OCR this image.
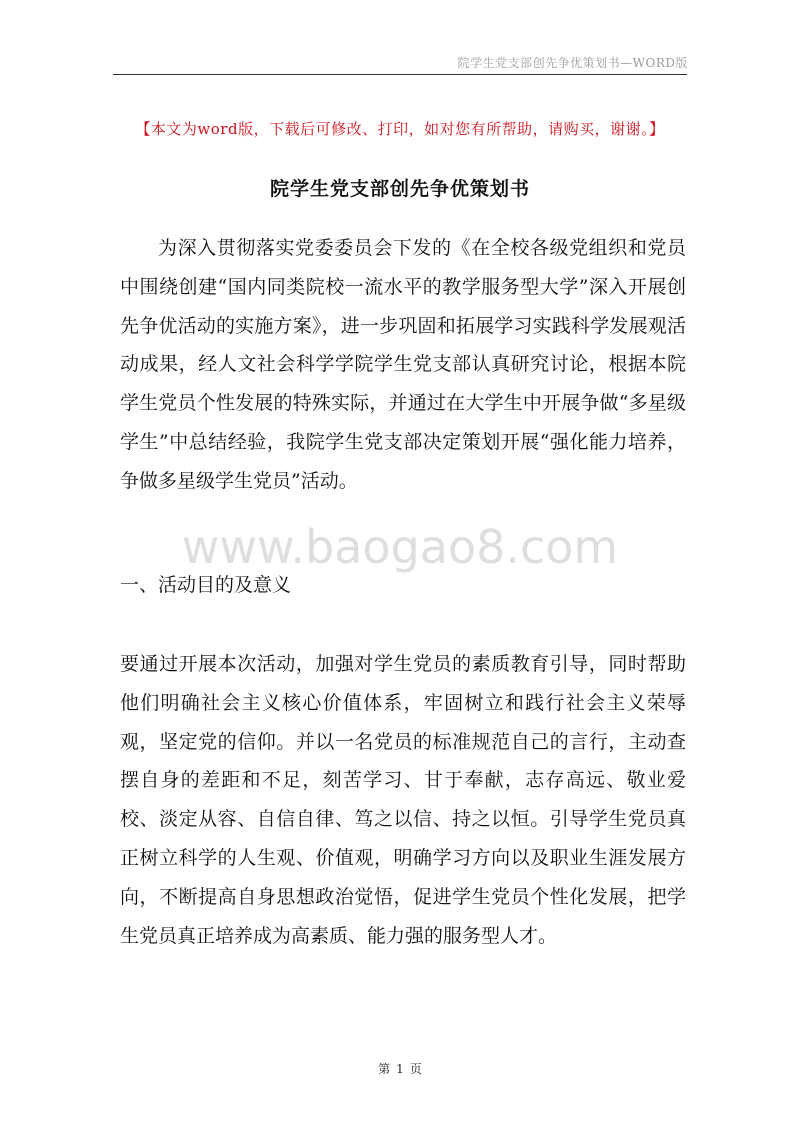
院学生党支部创先争优策划书—WORD版
【本文为word版，下载后可修改、打印，如对您有所帮助，请购买，谢谢。】
院学生党支部创先争优策划书

为深入贯彻落实党委委员会下发的《在全校各级党组织和党员中围绕创建“国内同类院校一流水平的教学服务型大学”深入开展创先争优活动的实施方案》，进一步巩固和拓展学习实践科学发展观活动成果，经人文社会科学学院学生党支部认真研究讨论，根据本院学生党员个性发展的特殊实际，并通过在大学生中开展争做“多星级学生”中总结经验，我院学生党支部决定策划开展“强化能力培养，争做多星级学生党员”活动。

www.baogao8.com
一、活动目的及意义

要通过开展本次活动，加强对学生党员的素质教育引导，同时帮助他们明确社会主义核心价值体系，牢固树立和践行社会主义荣辱观，坚定党的信仰。并以一名党员的标准规范自己的言行，主动查摆自身的差距和不足，刻苦学习、甘于奉献，志存高远、敬业爱校、淡定从容、自信自律、笃之以信、持之以恒。引导学生党员真正树立科学的人生观、价值观，明确学习方向以及职业生涯发展方向，不断提高自身思想政治觉悟，促进学生党员个性化发展，把学生党员真正培养成为高素质、能力强的服务型人才。

第 1 页
